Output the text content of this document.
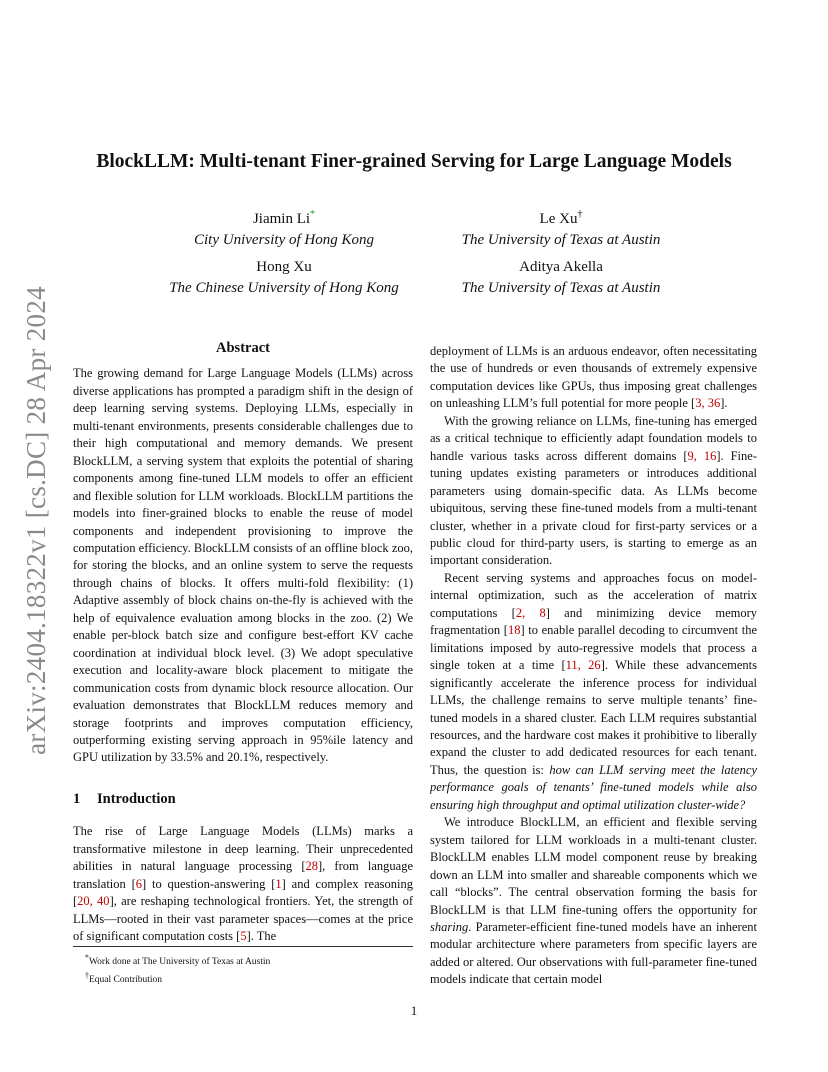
arXiv:2404.18322v1 [cs.DC] 28 Apr 2024
BlockLLM: Multi-tenant Finer-grained Serving for Large Language Models
Jiamin Li*
City University of Hong Kong
Le Xu†
The University of Texas at Austin
Hong Xu
The Chinese University of Hong Kong
Aditya Akella
The University of Texas at Austin
Abstract

The growing demand for Large Language Models (LLMs) across diverse applications has prompted a paradigm shift in the design of deep learning serving systems. Deploying LLMs, especially in multi-tenant environments, presents considerable challenges due to their high computational and memory demands. We present BlockLLM, a serving system that exploits the potential of sharing components among fine-tuned LLM models to offer an efficient and flexible solution for LLM workloads. BlockLLM partitions the models into finer-grained blocks to enable the reuse of model components and independent provisioning to improve the computation efficiency. BlockLLM consists of an offline block zoo, for storing the blocks, and an online system to serve the requests through chains of blocks. It offers multi-fold flexibility: (1) Adaptive assembly of block chains on-the-fly is achieved with the help of equivalence evaluation among blocks in the zoo. (2) We enable per-block batch size and configure best-effort KV cache coordination at individual block level. (3) We adopt speculative execution and locality-aware block placement to mitigate the communication costs from dynamic block resource allocation. Our evaluation demonstrates that BlockLLM reduces memory and storage footprints and improves computation efficiency, outperforming existing serving approach in 95%ile latency and GPU utilization by 33.5% and 20.1%, respectively.

1 Introduction

The rise of Large Language Models (LLMs) marks a transformative milestone in deep learning. Their unprecedented abilities in natural language processing [28], from language translation [6] to question-answering [1] and complex reasoning [20, 40], are reshaping technological frontiers. Yet, the strength of LLMs—rooted in their vast parameter spaces—comes at the price of significant computation costs [5]. The

*Work done at The University of Texas at Austin
†Equal Contribution

deployment of LLMs is an arduous endeavor, often necessitating the use of hundreds or even thousands of extremely expensive computation devices like GPUs, thus imposing great challenges on unleashing LLM’s full potential for more people [3, 36].

With the growing reliance on LLMs, fine-tuning has emerged as a critical technique to efficiently adapt foundation models to handle various tasks across different domains [9, 16]. Fine-tuning updates existing parameters or introduces additional parameters using domain-specific data. As LLMs become ubiquitous, serving these fine-tuned models from a multi-tenant cluster, whether in a private cloud for first-party services or a public cloud for third-party users, is starting to emerge as an important consideration.

Recent serving systems and approaches focus on model-internal optimization, such as the acceleration of matrix computations [2, 8] and minimizing device memory fragmentation [18] to enable parallel decoding to circumvent the limitations imposed by auto-regressive models that process a single token at a time [11, 26]. While these advancements significantly accelerate the inference process for individual LLMs, the challenge remains to serve multiple tenants’ fine-tuned models in a shared cluster. Each LLM requires substantial resources, and the hardware cost makes it prohibitive to liberally expand the cluster to add dedicated resources for each tenant. Thus, the question is: how can LLM serving meet the latency performance goals of tenants’ fine-tuned models while also ensuring high throughput and optimal utilization cluster-wide?

We introduce BlockLLM, an efficient and flexible serving system tailored for LLM workloads in a multi-tenant cluster. BlockLLM enables LLM model component reuse by breaking down an LLM into smaller and shareable components which we call “blocks”. The central observation forming the basis for BlockLLM is that LLM fine-tuning offers the opportunity for sharing. Parameter-efficient fine-tuned models have an inherent modular architecture where parameters from specific layers are added or altered. Our observations with full-parameter fine-tuned models indicate that certain model

1
